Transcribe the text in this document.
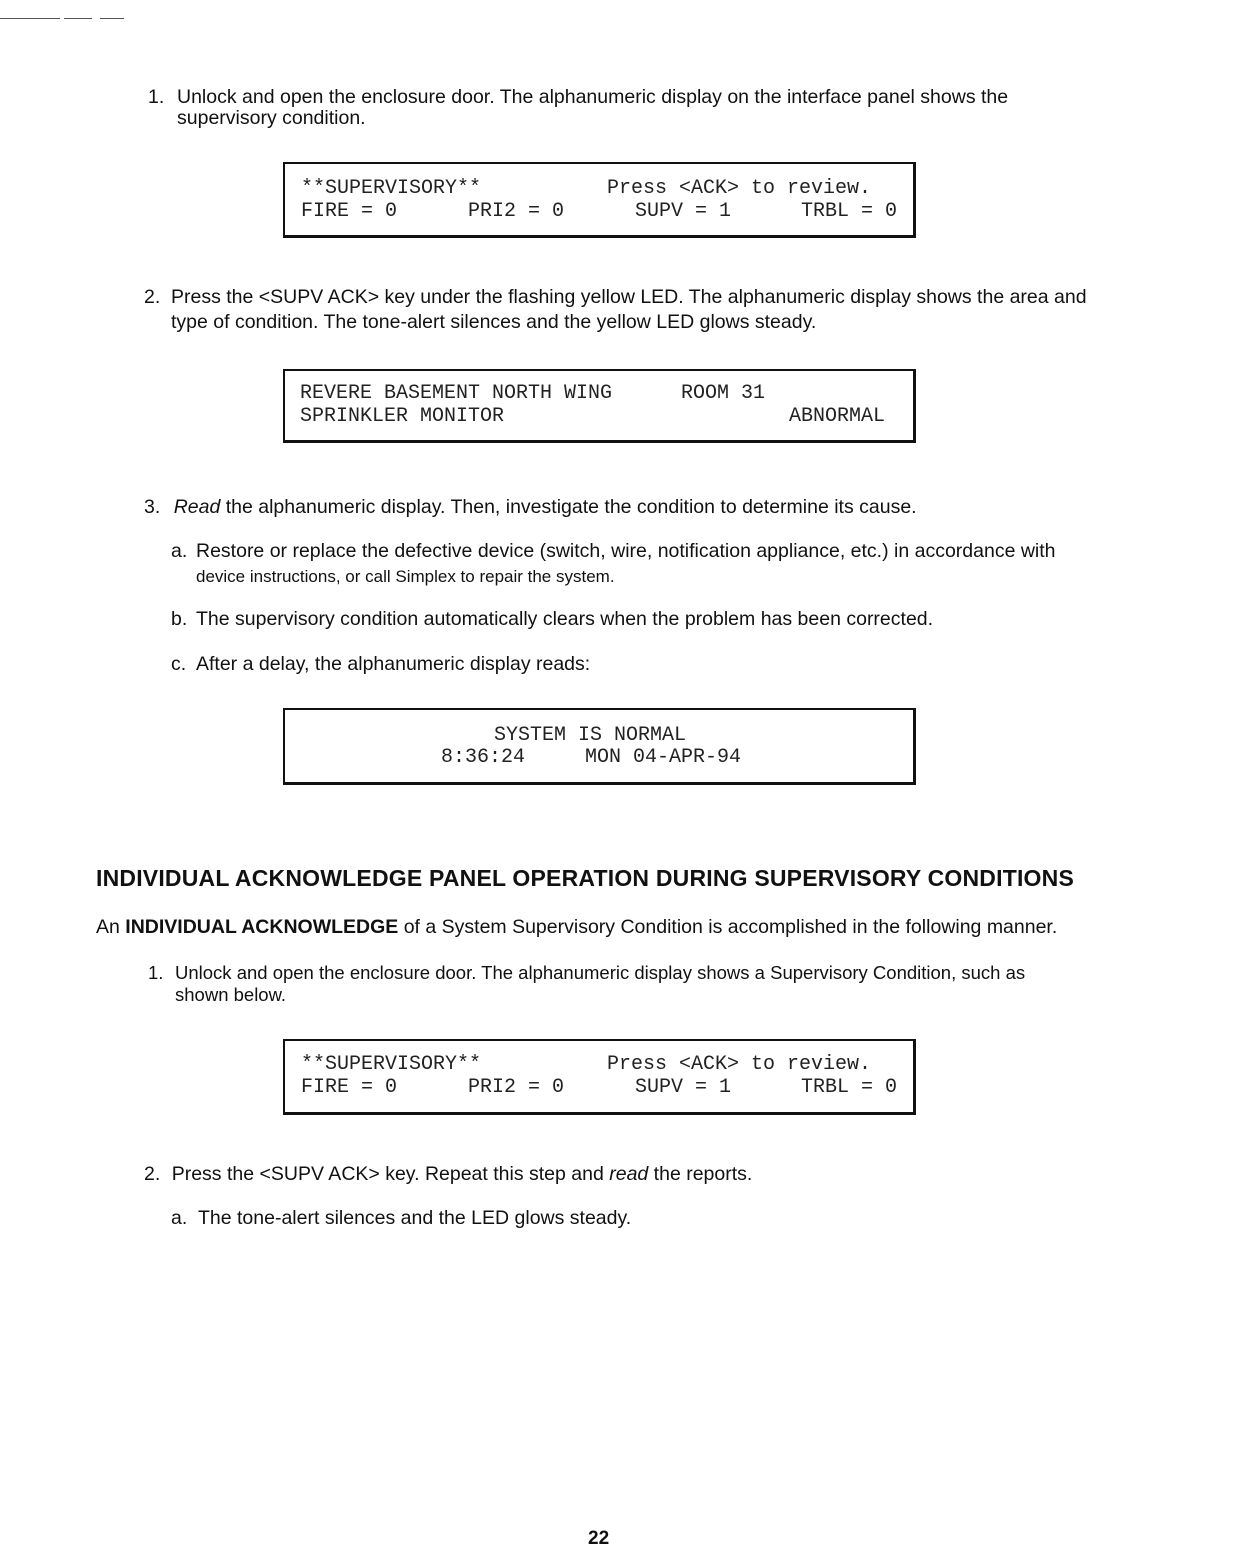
1. Unlock and open the enclosure door. The alphanumeric display on the interface panel shows the
supervisory condition.
**SUPERVISORY**	Press <ACK> to review.
FIRE = 0	PRI2 = 0	SUPV = 1	TRBL = 0
2. Press the <SUPV ACK> key under the flashing yellow LED. The alphanumeric display shows the area and
type of condition. The tone-alert silences and the yellow LED glows steady.
REVERE BASEMENT NORTH WING	ROOM 31
SPRINKLER MONITOR	ABNORMAL
3. Read the alphanumeric display. Then, investigate the condition to determine its cause.
a. Restore or replace the defective device (switch, wire, notification appliance, etc.) in accordance with
device instructions, or call Simplex to repair the system.
b. The supervisory condition automatically clears when the problem has been corrected.
c. After a delay, the alphanumeric display reads:
SYSTEM IS NORMAL
8:36:24	MON 04-APR-94
INDIVIDUAL ACKNOWLEDGE PANEL OPERATION DURING SUPERVISORY CONDITIONS
An INDIVIDUAL ACKNOWLEDGE of a System Supervisory Condition is accomplished in the following manner.
1. Unlock and open the enclosure door. The alphanumeric display shows a Supervisory Condition, such as
shown below.
**SUPERVISORY**	Press <ACK> to review.
FIRE = 0	PRI2 = 0	SUPV = 1	TRBL = 0
2. Press the <SUPV ACK> key. Repeat this step and read the reports.
a. The tone-alert silences and the LED glows steady.
22
